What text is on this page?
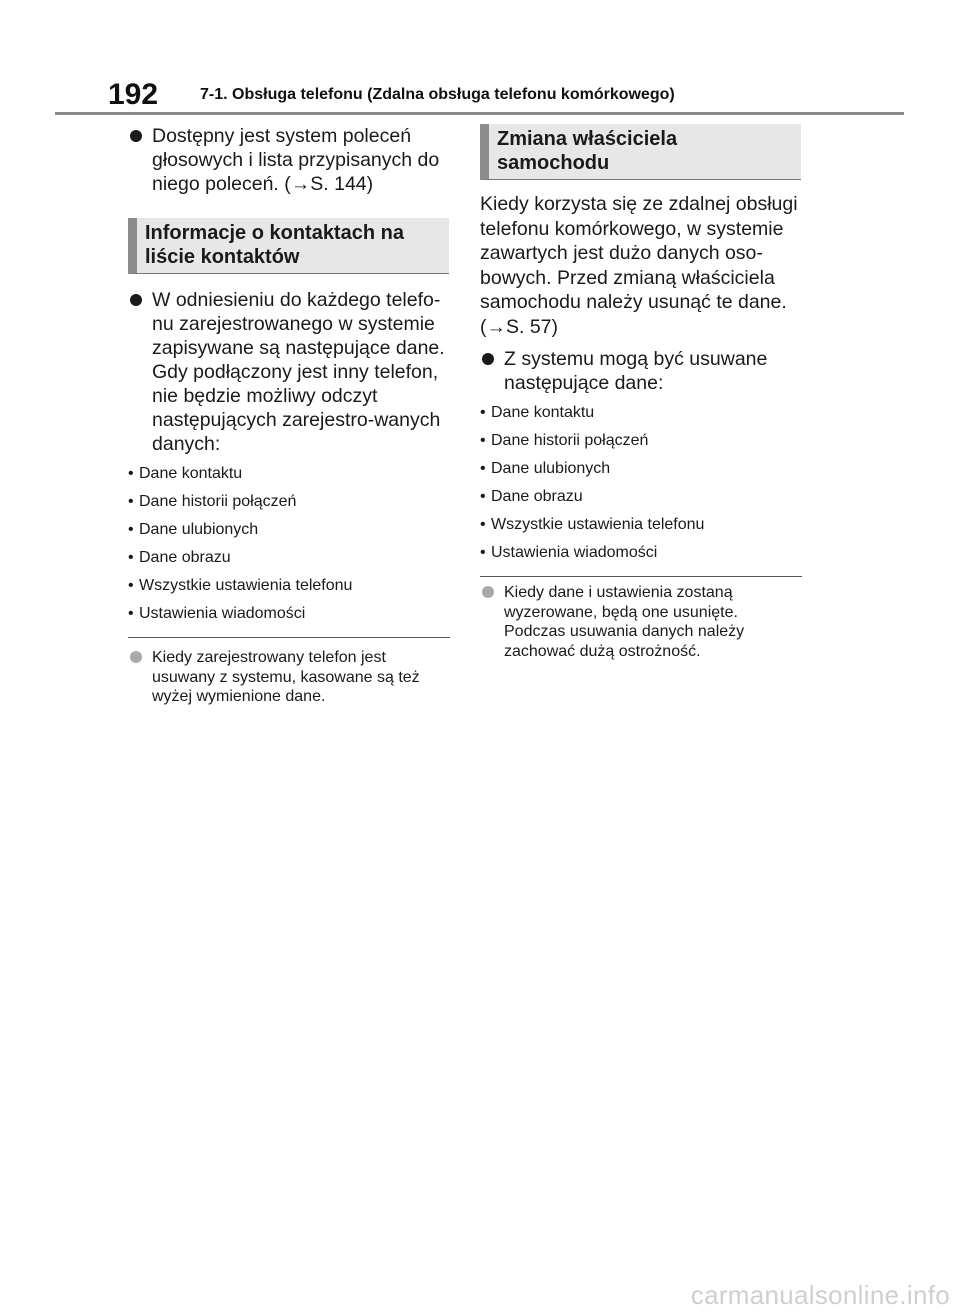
192	7-1. Obsługa telefonu (Zdalna obsługa telefonu komórkowego)

Dostępny jest system poleceń głosowych i lista przypisanych do niego poleceń. (→S. 144)

Informacje o kontaktach na liście kontaktów

W odniesieniu do każdego telefo-nu zarejestrowanego w systemie zapisywane są następujące dane. Gdy podłączony jest inny telefon, nie będzie możliwy odczyt następujących zarejestro-wanych danych:

• Dane kontaktu
• Dane historii połączeń
• Dane ulubionych
• Dane obrazu
• Wszystkie ustawienia telefonu
• Ustawienia wiadomości
Kiedy zarejestrowany telefon jest usuwany z systemu, kasowane są też wyżej wymienione dane.
Zmiana właściciela samochodu

Kiedy korzysta się ze zdalnej obsługi telefonu komórkowego, w systemie zawartych jest dużo danych oso-bowych. Przed zmianą właściciela samochodu należy usunąć te dane. (→S. 57)

Z systemu mogą być usuwane następujące dane:

• Dane kontaktu
• Dane historii połączeń
• Dane ulubionych
• Dane obrazu
• Wszystkie ustawienia telefonu
• Ustawienia wiadomości
Kiedy dane i ustawienia zostaną wyzerowane, będą one usunięte. Podczas usuwania danych należy zachować dużą ostrożność.
carmanualsonline.info
